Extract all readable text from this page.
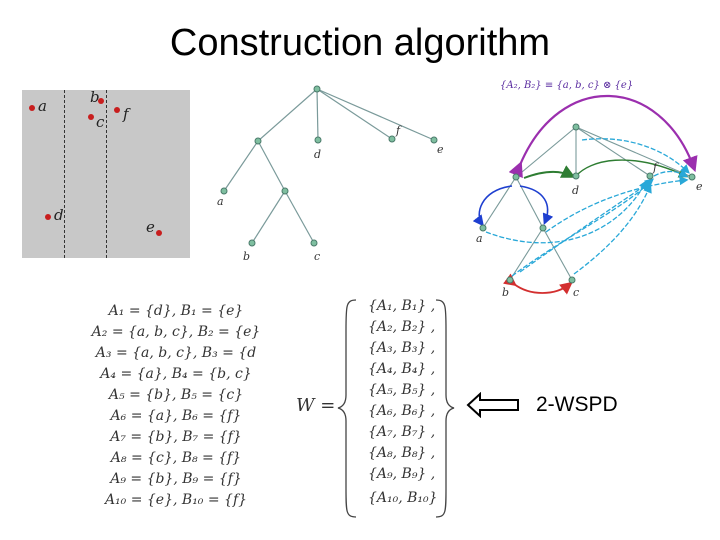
Construction algorithm
a	b
c f
d
e
d
f
e
a
b	c
{A₂, B₂} ≡ {a, b, c} ⊗ {e}
d
f
e
a
b	c
A₁ = {d}, B₁ = {e}
A₂ = {a, b, c}, B₂ = {e}
A₃ = {a, b, c}, B₃ = {d
A₄ = {a}, B₄ = {b, c}
A₅ = {b}, B₅ = {c}
A₆ = {a}, B₆ = {f}
A₇ = {b}, B₇ = {f}
A₈ = {c}, B₈ = {f}
A₉ = {b}, B₉ = {f}
A₁₀ = {e}, B₁₀ = {f}
W =
{A₁, B₁} ,
{A₂, B₂} ,
{A₃, B₃} ,
{A₄, B₄} ,
{A₅, B₅} ,
{A₆, B₆} ,
{A₇, B₇} ,
{A₈, B₈} ,
{A₉, B₉} ,
{A₁₀, B₁₀}
2-WSPD
